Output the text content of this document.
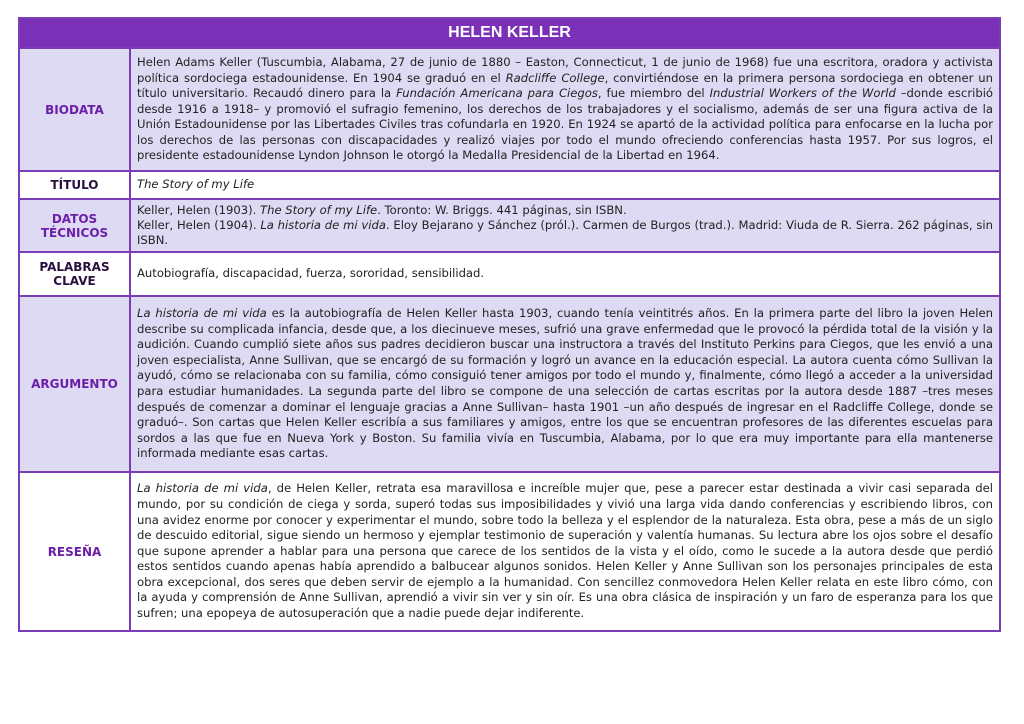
HELEN KELLER
BIODATA	Helen Adams Keller (Tuscumbia, Alabama, 27 de junio de 1880 – Easton, Connecticut, 1 de junio de 1968) fue una escritora, oradora y activista política sordociega estadounidense. En 1904 se graduó en el Radcliffe College, convirtiéndose en la primera persona sordociega en obtener un título universitario. Recaudó dinero para la Fundación Americana para Ciegos, fue miembro del Industrial Workers of the World –donde escribió desde 1916 a 1918– y promovió el sufragio femenino, los derechos de los trabajadores y el socialismo, además de ser una figura activa de la Unión Estadounidense por las Libertades Civiles tras cofundarla en 1920. En 1924 se apartó de la actividad política para enfocarse en la lucha por los derechos de las personas con discapacidades y realizó viajes por todo el mundo ofreciendo conferencias hasta 1957. Por sus logros, el presidente estadounidense Lyndon Johnson le otorgó la Medalla Presidencial de la Libertad en 1964.
TÍTULO	The Story of my Life
DATOS TÉCNICOS	Keller, Helen (1903). The Story of my Life. Toronto: W. Briggs. 441 páginas, sin ISBN.

Keller, Helen (1904). La historia de mi vida. Eloy Bejarano y Sánchez (pról.). Carmen de Burgos (trad.). Madrid: Viuda de R. Sierra. 262 páginas, sin ISBN.

PALABRAS CLAVE	Autobiografía, discapacidad, fuerza, sororidad, sensibilidad.
ARGUMENTO	La historia de mi vida es la autobiografía de Helen Keller hasta 1903, cuando tenía veintitrés años. En la primera parte del libro la joven Helen describe su complicada infancia, desde que, a los diecinueve meses, sufrió una grave enfermedad que le provocó la pérdida total de la visión y la audición. Cuando cumplió siete años sus padres decidieron buscar una instructora a través del Instituto Perkins para Ciegos, que les envió a una joven especialista, Anne Sullivan, que se encargó de su formación y logró un avance en la educación especial. La autora cuenta cómo Sullivan la ayudó, cómo se relacionaba con su familia, cómo consiguió tener amigos por todo el mundo y, finalmente, cómo llegó a acceder a la universidad para estudiar humanidades. La segunda parte del libro se compone de una selección de cartas escritas por la autora desde 1887 –tres meses después de comenzar a dominar el lenguaje gracias a Anne Sullivan– hasta 1901 –un año después de ingresar en el Radcliffe College, donde se graduó–. Son cartas que Helen Keller escribía a sus familiares y amigos, entre los que se encuentran profesores de las diferentes escuelas para sordos a las que fue en Nueva York y Boston. Su familia vivía en Tuscumbia, Alabama, por lo que era muy importante para ella mantenerse informada mediante esas cartas.
RESEÑA	La historia de mi vida, de Helen Keller, retrata esa maravillosa e increíble mujer que, pese a parecer estar destinada a vivir casi separada del mundo, por su condición de ciega y sorda, superó todas sus imposibilidades y vivió una larga vida dando conferencias y escribiendo libros, con una avidez enorme por conocer y experimentar el mundo, sobre todo la belleza y el esplendor de la naturaleza. Esta obra, pese a más de un siglo de descuido editorial, sigue siendo un hermoso y ejemplar testimonio de superación y valentía humanas. Su lectura abre los ojos sobre el desafío que supone aprender a hablar para una persona que carece de los sentidos de la vista y el oído, como le sucede a la autora desde que perdió estos sentidos cuando apenas había aprendido a balbucear algunos sonidos. Helen Keller y Anne Sullivan son los personajes principales de esta obra excepcional, dos seres que deben servir de ejemplo a la humanidad. Con sencillez conmovedora Helen Keller relata en este libro cómo, con la ayuda y comprensión de Anne Sullivan, aprendió a vivir sin ver y sin oír. Es una obra clásica de inspiración y un faro de esperanza para los que sufren; una epopeya de autosuperación que a nadie puede dejar indiferente.
